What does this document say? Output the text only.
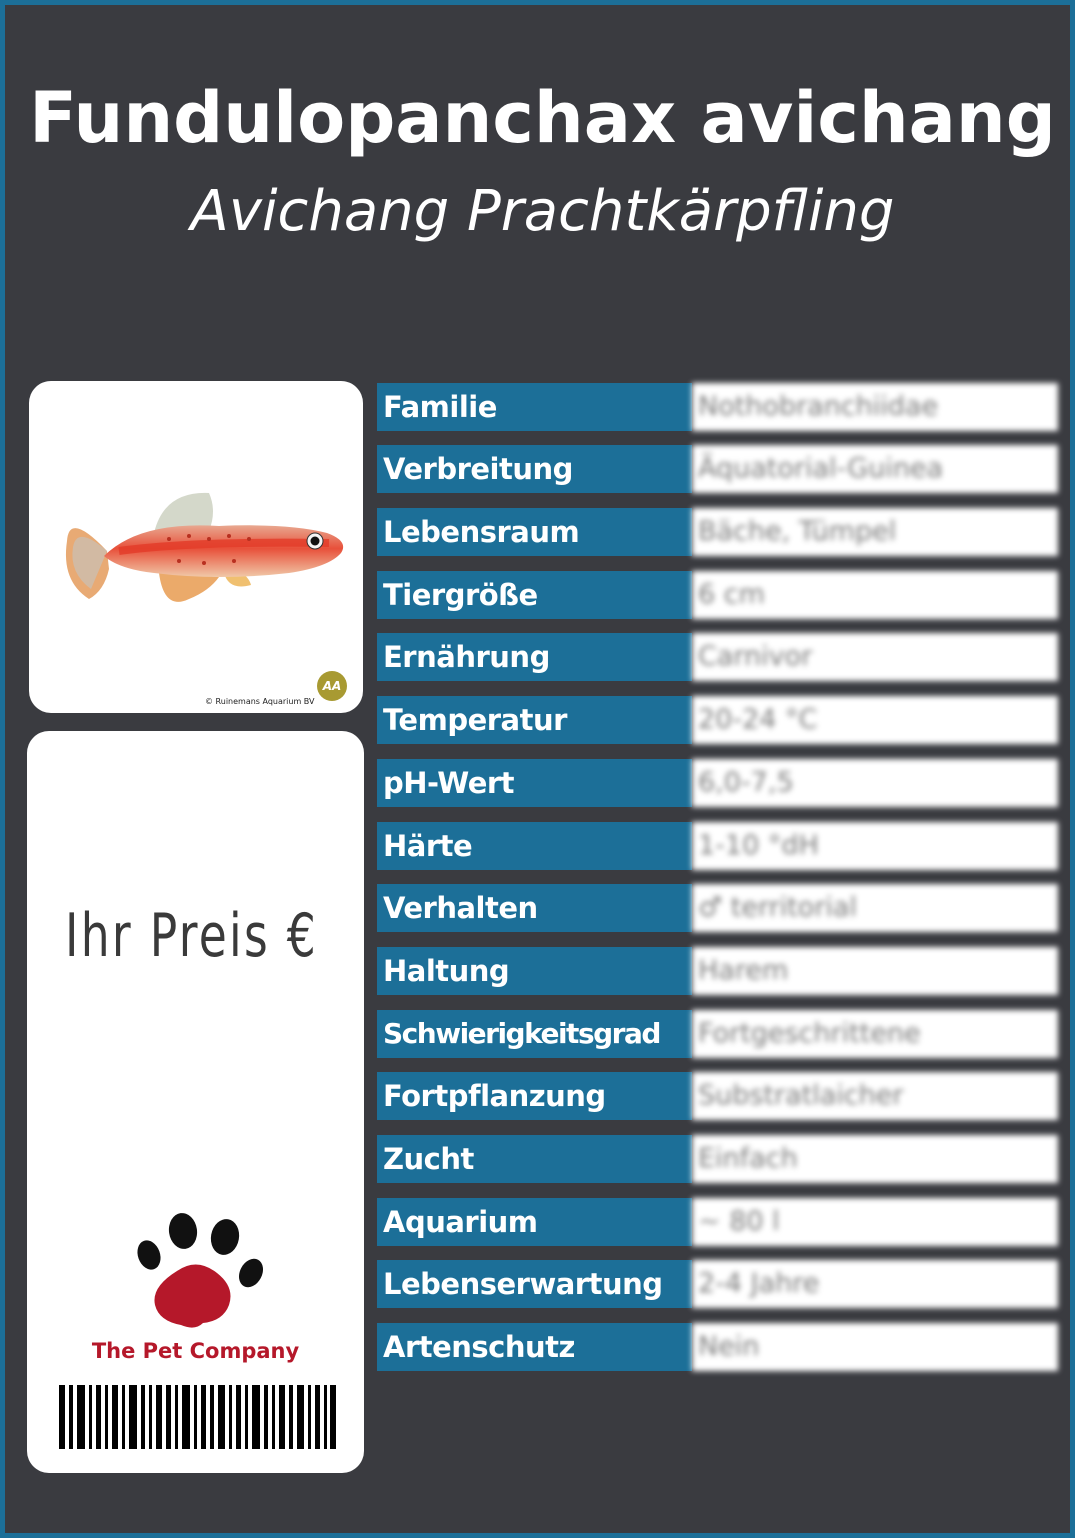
Fundulopanchax avichang
Avichang Prachtkärpfling
AA
© Ruinemans Aquarium BV
Ihr Preis €
The Pet Company
Familie	Nothobranchiidae
Verbreitung	Äquatorial-Guinea
Lebensraum	Bäche, Tümpel
Tiergröße	6 cm
Ernährung	Carnivor
Temperatur	20-24 °C
pH-Wert	6,0-7,5
Härte	1-10 °dH
Verhalten	♂ territorial
Haltung	Harem
Schwierigkeitsgrad	Fortgeschrittene
Fortpflanzung	Substratlaicher
Zucht	Einfach
Aquarium	~ 80 l
Lebenserwartung	2-4 Jahre
Artenschutz	Nein
